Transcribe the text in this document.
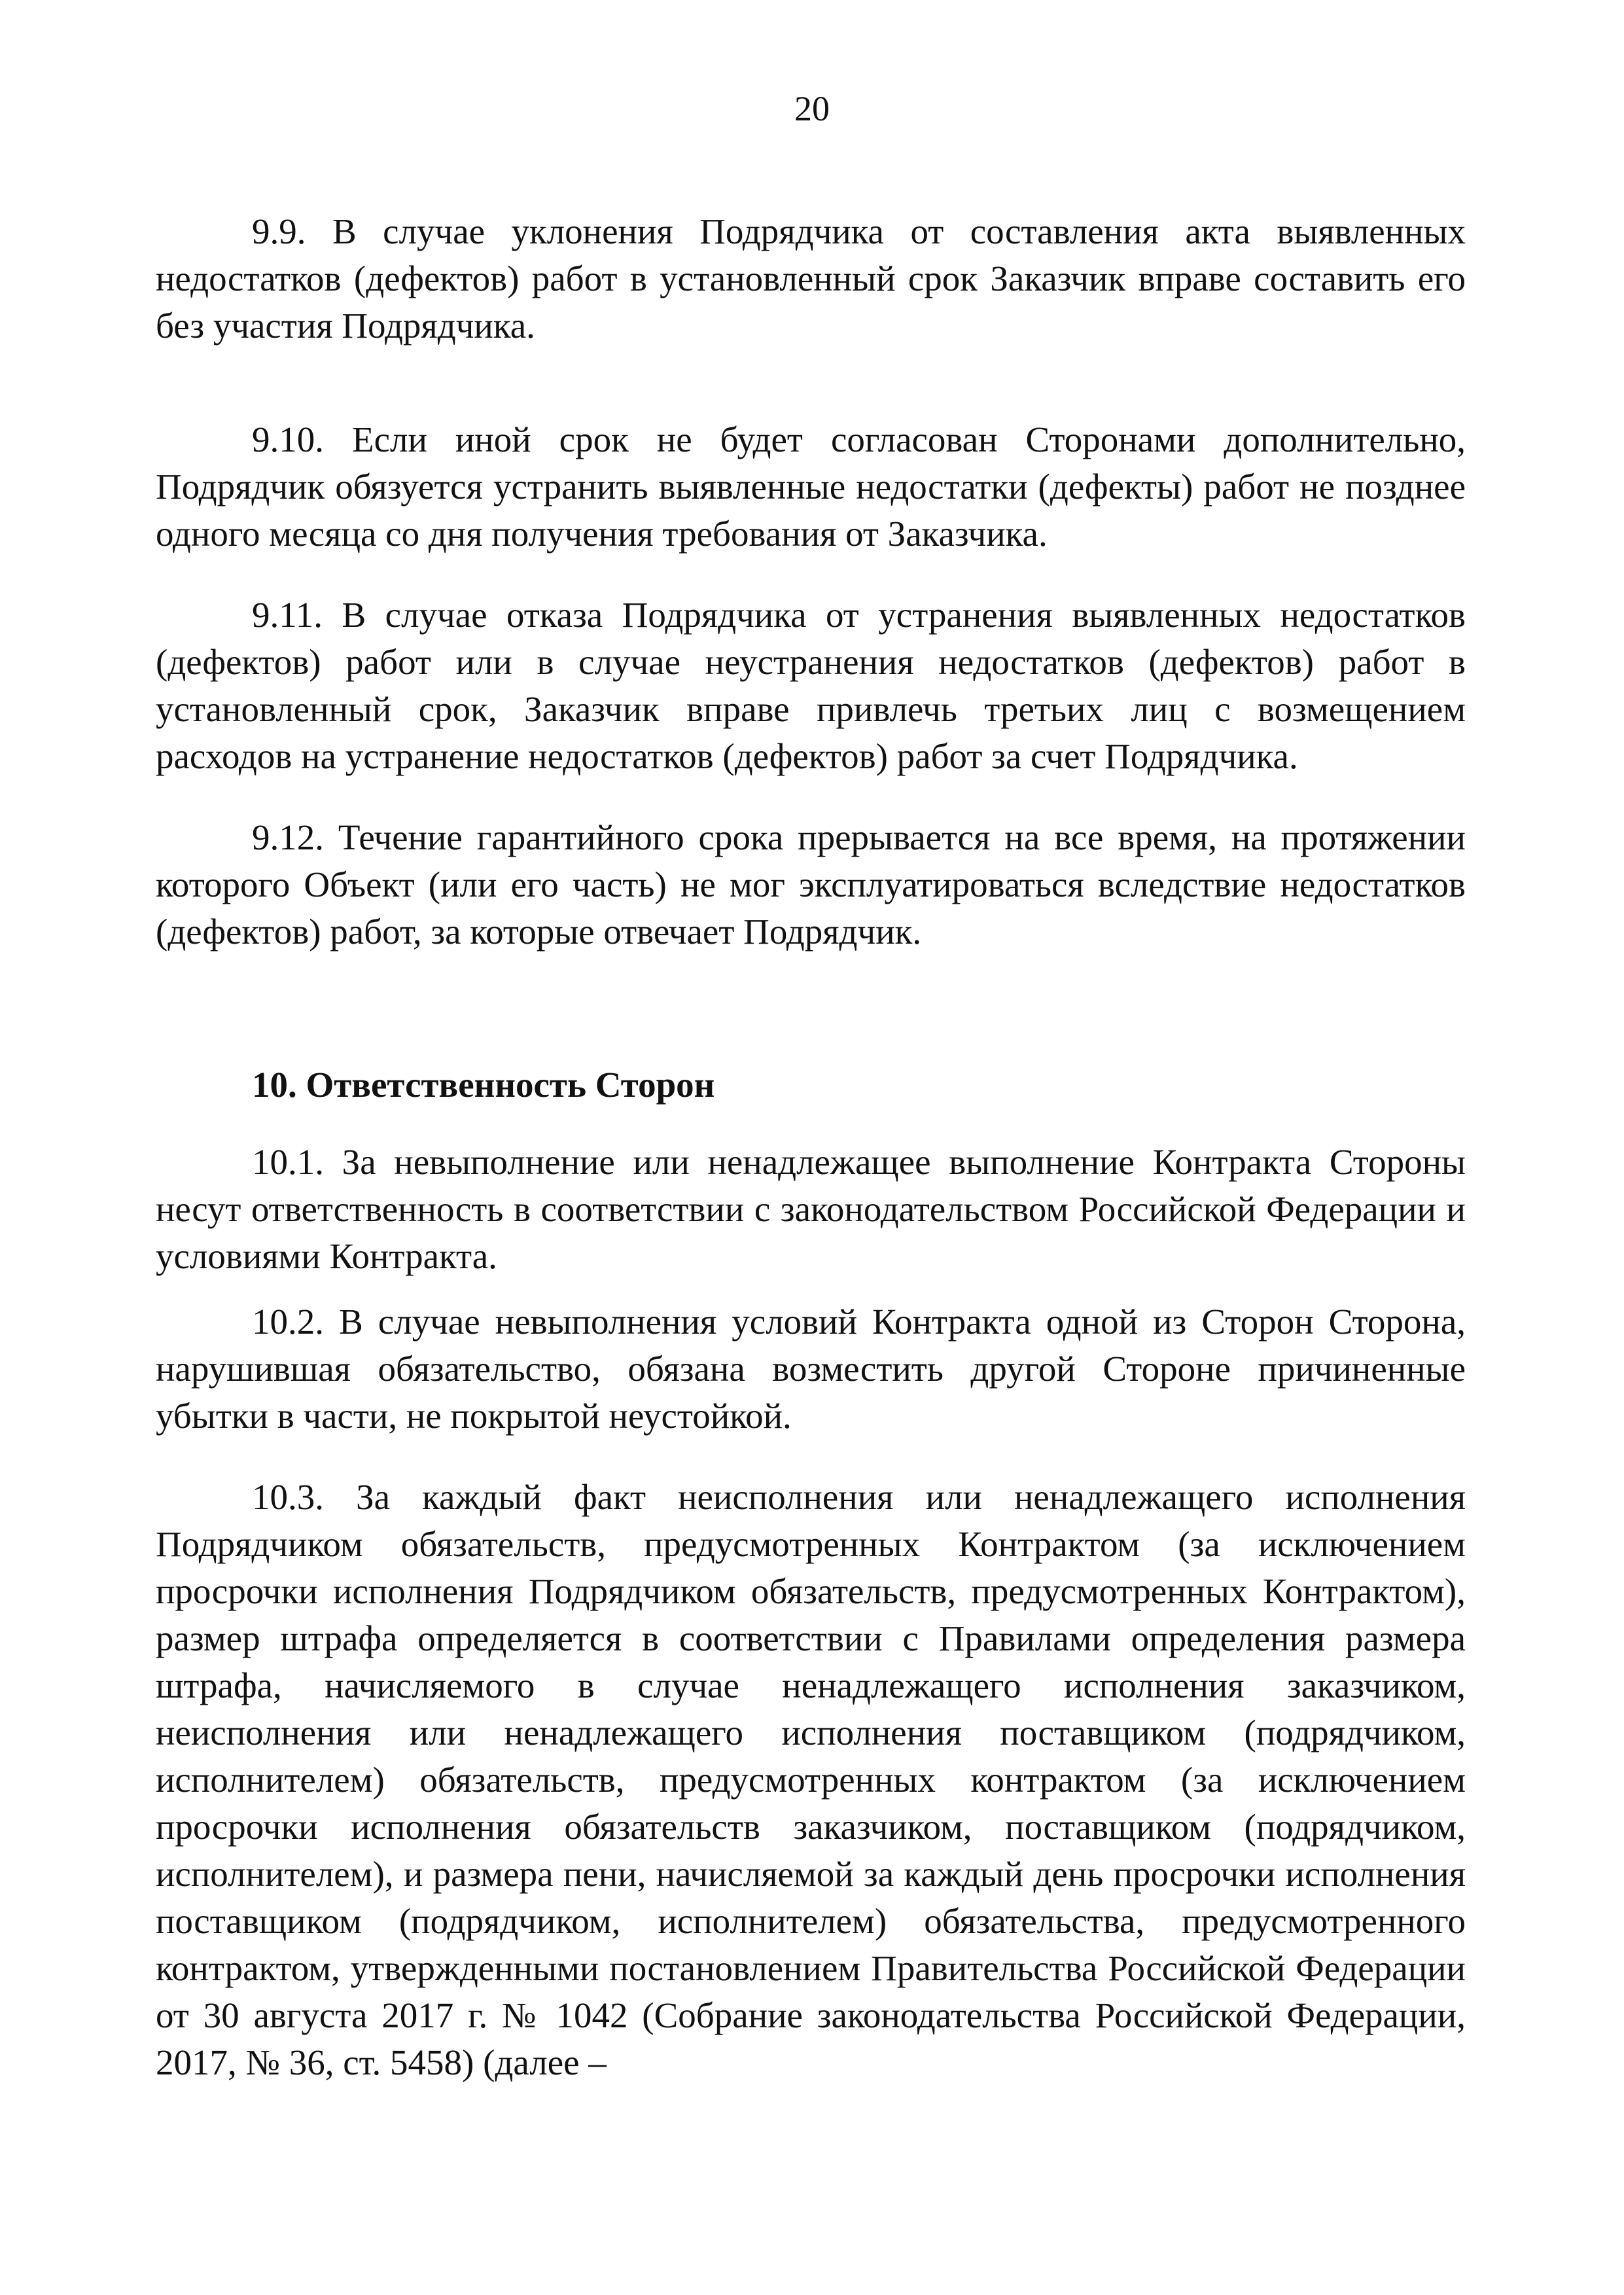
20

9.9. В случае уклонения Подрядчика от составления акта выявленных недостатков (дефектов) работ в установленный срок Заказчик вправе составить его без участия Подрядчика.

9.10. Если иной срок не будет согласован Сторонами дополнительно, Подрядчик обязуется устранить выявленные недостатки (дефекты) работ не позднее одного месяца со дня получения требования от Заказчика.

9.11. В случае отказа Подрядчика от устранения выявленных недостатков (дефектов) работ или в случае неустранения недостатков (дефектов) работ в установленный срок, Заказчик вправе привлечь третьих лиц с возмещением расходов на устранение недостатков (дефектов) работ за счет Подрядчика.

9.12. Течение гарантийного срока прерывается на все время, на протяжении которого Объект (или его часть) не мог эксплуатироваться вследствие недостатков (дефектов) работ, за которые отвечает Подрядчик.

10. Ответственность Сторон

10.1. За невыполнение или ненадлежащее выполнение Контракта Стороны несут ответственность в соответствии с законодательством Российской Федерации и условиями Контракта.

10.2. В случае невыполнения условий Контракта одной из Сторон Сторона, нарушившая обязательство, обязана возместить другой Стороне причиненные убытки в части, не покрытой неустойкой.

10.3. За каждый факт неисполнения или ненадлежащего исполнения Подрядчиком обязательств, предусмотренных Контрактом (за исключением просрочки исполнения Подрядчиком обязательств, предусмотренных Контрактом), размер штрафа определяется в соответствии с Правилами определения размера штрафа, начисляемого в случае ненадлежащего исполнения заказчиком, неисполнения или ненадлежащего исполнения поставщиком (подрядчиком, исполнителем) обязательств, предусмотренных контрактом (за исключением просрочки исполнения обязательств заказчиком, поставщиком (подрядчиком, исполнителем), и размера пени, начисляемой за каждый день просрочки исполнения поставщиком (подрядчиком, исполнителем) обязательства, предусмотренного контрактом, утвержденными постановлением Правительства Российской Федерации от 30 августа 2017 г. № 1042 (Собрание законодательства Российской Федерации, 2017, № 36, ст. 5458) (далее –
